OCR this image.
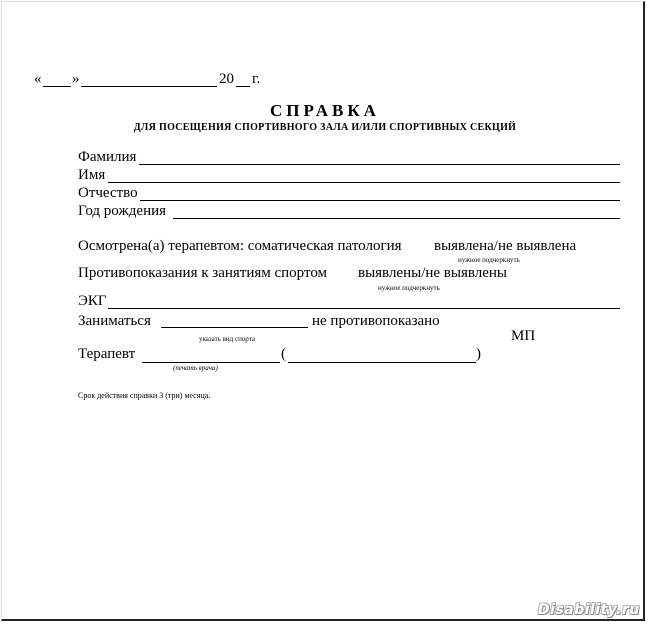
« »	20 г.
СПРАВКА
ДЛЯ ПОСЕЩЕНИЯ СПОРТИВНОГО ЗАЛА И/ИЛИ СПОРТИВНЫХ СЕКЦИЙ
Фамилия
Имя
Отчество
Год рождения
Осмотрена(а) терапевтом: соматическая патология выявлена/не выявлена
нужное подчеркнуть
Противопоказания к занятиям спортом выявлены/не выявлены
нужное подчеркнуть
ЭКГ
Заниматься	не противопоказано
указать вид спорта	МП
Терапевт	(	)
(печать врача)
Срок действия справки 3 (три) месяца.
Disability.ru
